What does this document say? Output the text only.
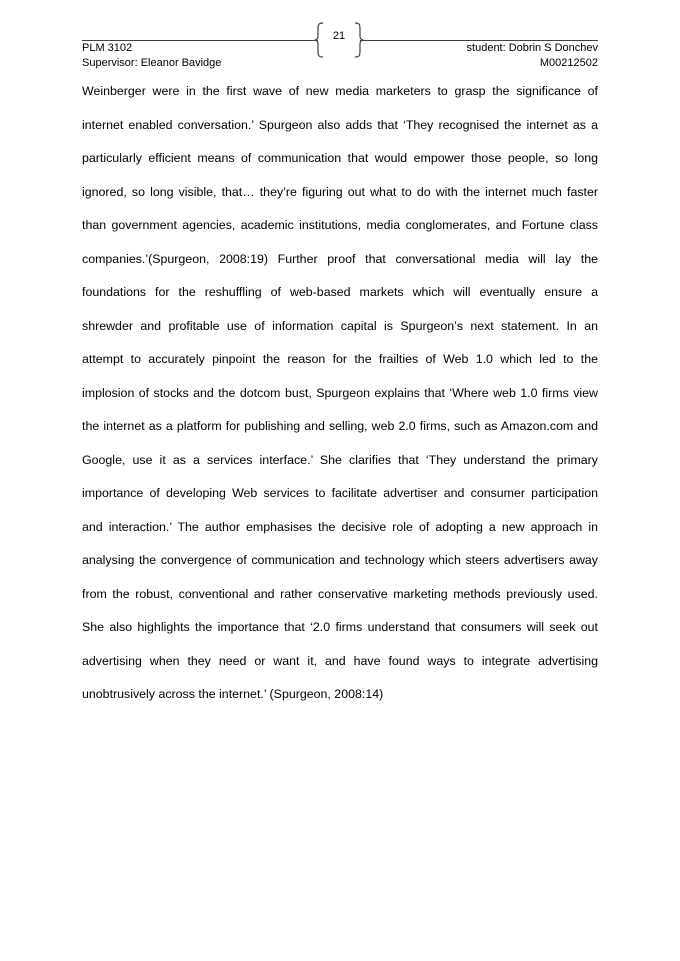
21
PLM 3102
Supervisor: Eleanor Bavidge
student: Dobrin S Donchev
M00212502
Weinberger were in the first wave of new media marketers to grasp the significance of
internet enabled conversation.’ Spurgeon also adds that ‘They recognised the internet as a
particularly efficient means of communication that would empower those people, so long
ignored, so long visible, that… they’re figuring out what to do with the internet much faster
than government agencies, academic institutions, media conglomerates, and Fortune class
companies.’(Spurgeon, 2008:19) Further proof that conversational media will lay the
foundations for the reshuffling of web-based markets which will eventually ensure a
shrewder and profitable use of information capital is Spurgeon’s next statement. In an
attempt to accurately pinpoint the reason for the frailties of Web 1.0 which led to the
implosion of stocks and the dotcom bust, Spurgeon explains that ‘Where web 1.0 firms view
the internet as a platform for publishing and selling, web 2.0 firms, such as Amazon.com and
Google, use it as a services interface.’ She clarifies that ‘They understand the primary
importance of developing Web services to facilitate advertiser and consumer participation
and interaction.’ The author emphasises the decisive role of adopting a new approach in
analysing the convergence of communication and technology which steers advertisers away
from the robust, conventional and rather conservative marketing methods previously used.
She also highlights the importance that ‘2.0 firms understand that consumers will seek out
advertising when they need or want it, and have found ways to integrate advertising
unobtrusively across the internet.’ (Spurgeon, 2008:14)
